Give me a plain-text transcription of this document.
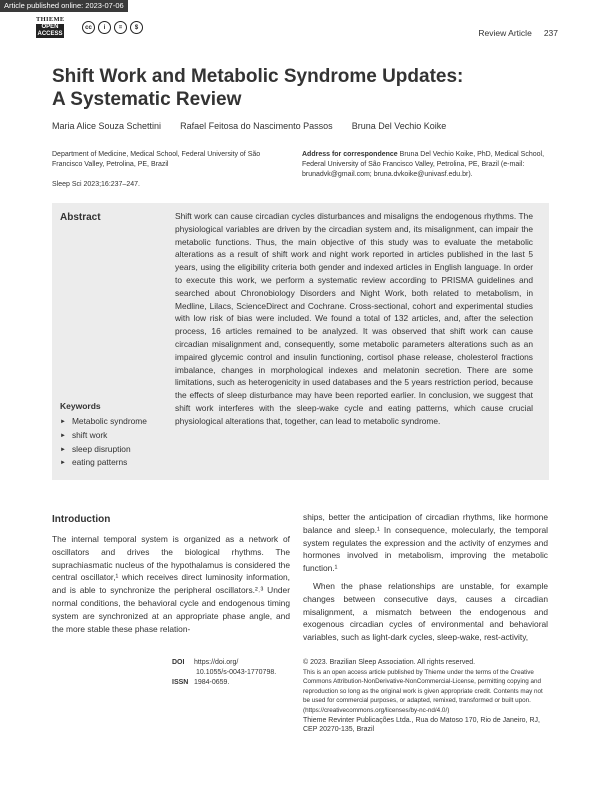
Article published online: 2023-07-06
THIEME
OPEN
ACCESS
cc	i	=	$
Review Article 237
Shift Work and Metabolic Syndrome Updates:
A Systematic Review
Maria Alice Souza Schettini Rafael Feitosa do Nascimento Passos Bruna Del Vechio Koike
Department of Medicine, Medical School, Federal University of São Francisco Valley, Petrolina, PE, Brazil
Address for correspondence Bruna Del Vechio Koike, PhD, Medical School, Federal University of São Francisco Valley, Petrolina, PE, Brazil (e-mail: brunadvk@gmail.com; bruna.dvkoike@univasf.edu.br).
Sleep Sci 2023;16:237–247.
Abstract	Shift work can cause circadian cycles disturbances and misaligns the endogenous rhythms. The physiological variables are driven by the circadian system and, its misalignment, can impair the metabolic functions. Thus, the main objective of this study was to evaluate the metabolic alterations as a result of shift work and night work reported in articles published in the last 5 years, using the eligibility criteria both gender and indexed articles in English language. In order to execute this work, we perform a systematic review according to PRISMA guidelines and searched about Chronobiology Disorders and Night Work, both related to metabolism, in Medline, Lilacs, ScienceDirect and Cochrane. Cross-sectional, cohort and experimental studies with low risk of bias were included. We found a total of 132 articles, and, after the selection process, 16 articles remained to be analyzed. It was observed that shift work can cause circadian misalignment and, consequently, some metabolic parameters alterations such as an impaired glycemic control and insulin functioning, cortisol phase release, cholesterol fractions imbalance, changes in morphological indexes and melatonin secretion. There are some limitations, such as heterogenicity in used databases and the 5 years restriction period, because the effects of sleep disturbance may have been reported earlier. In conclusion, we suggest that shift work interferes with the sleep-wake cycle and eating patterns, which cause crucial physiological alterations that, together, can lead to metabolic syndrome.
Keywords
► Metabolic syndrome
► shift work
► sleep disruption
► eating patterns
Introduction

The internal temporal system is organized as a network of oscillators and drives the biological rhythms. The suprachiasmatic nucleus of the hypothalamus is considered the central oscillator,¹ which receives direct luminosity information, and is able to synchronize the peripheral oscillators.²˒³ Under normal conditions, the behavioral cycle and endogenous timing system are synchronized at an appropriate phase angle, and the more stable these phase relation-

ships, better the anticipation of circadian rhythms, like hormone balance and sleep.¹ In consequence, molecularly, the temporal system regulates the expression and the activity of enzymes and hormones involved in metabolism, improving the metabolic function.¹

When the phase relationships are unstable, for example changes between consecutive days, causes a circadian misalignment, a mismatch between the endogenous and exogenous circadian cycles of environmental and behavioral variables, such as light-dark cycles, sleep-wake, rest-activity,

DOI https://doi.org/
10.1055/s-0043-1770798.
ISSN 1984-0659.
© 2023. Brazilian Sleep Association. All rights reserved.
This is an open access article published by Thieme under the terms of the Creative Commons Attribution-NonDerivative-NonCommercial-License, permitting copying and reproduction so long as the original work is given appropriate credit. Contents may not be used for commercial purposes, or adapted, remixed, transformed or built upon. (https://creativecommons.org/licenses/by-nc-nd/4.0/)
Thieme Revinter Publicações Ltda., Rua do Matoso 170, Rio de Janeiro, RJ, CEP 20270-135, Brazil
